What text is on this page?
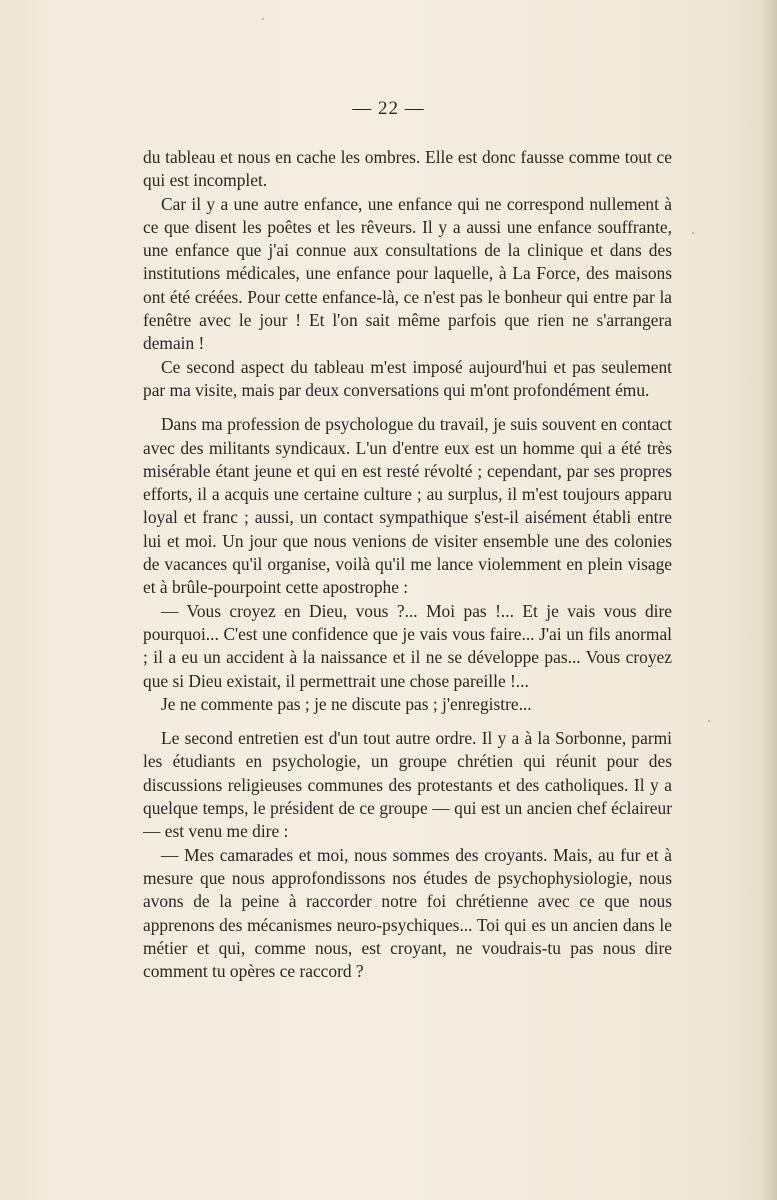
— 22 —

du tableau et nous en cache les ombres. Elle est donc fausse comme tout ce qui est incomplet.

Car il y a une autre enfance, une enfance qui ne correspond nullement à ce que disent les poêtes et les rêveurs. Il y a aussi une enfance souffrante, une enfance que j'ai connue aux consultations de la clinique et dans des institutions médicales, une enfance pour laquelle, à La Force, des maisons ont été créées. Pour cette enfance-là, ce n'est pas le bonheur qui entre par la fenêtre avec le jour ! Et l'on sait même parfois que rien ne s'arrangera demain !

Ce second aspect du tableau m'est imposé aujourd'hui et pas seulement par ma visite, mais par deux conversations qui m'ont profondément ému.

Dans ma profession de psychologue du travail, je suis souvent en contact avec des militants syndicaux. L'un d'entre eux est un homme qui a été très misérable étant jeune et qui en est resté révolté ; cependant, par ses propres efforts, il a acquis une certaine culture ; au surplus, il m'est toujours apparu loyal et franc ; aussi, un contact sympathique s'est-il aisément établi entre lui et moi. Un jour que nous venions de visiter ensemble une des colonies de vacances qu'il organise, voilà qu'il me lance violemment en plein visage et à brûle-pourpoint cette apostrophe :

— Vous croyez en Dieu, vous ?... Moi pas !... Et je vais vous dire pourquoi... C'est une confidence que je vais vous faire... J'ai un fils anormal ; il a eu un accident à la naissance et il ne se développe pas... Vous croyez que si Dieu existait, il permettrait une chose pareille !...

Je ne commente pas ; je ne discute pas ; j'enregistre...

Le second entretien est d'un tout autre ordre. Il y a à la Sorbonne, parmi les étudiants en psychologie, un groupe chrétien qui réunit pour des discussions religieuses communes des protestants et des catholiques. Il y a quelque temps, le président de ce groupe — qui est un ancien chef éclaireur — est venu me dire :

— Mes camarades et moi, nous sommes des croyants. Mais, au fur et à mesure que nous approfondissons nos études de psychophysiologie, nous avons de la peine à raccorder notre foi chrétienne avec ce que nous apprenons des mécanismes neuro-psychiques... Toi qui es un ancien dans le métier et qui, comme nous, est croyant, ne voudrais-tu pas nous dire comment tu opères ce raccord ?
